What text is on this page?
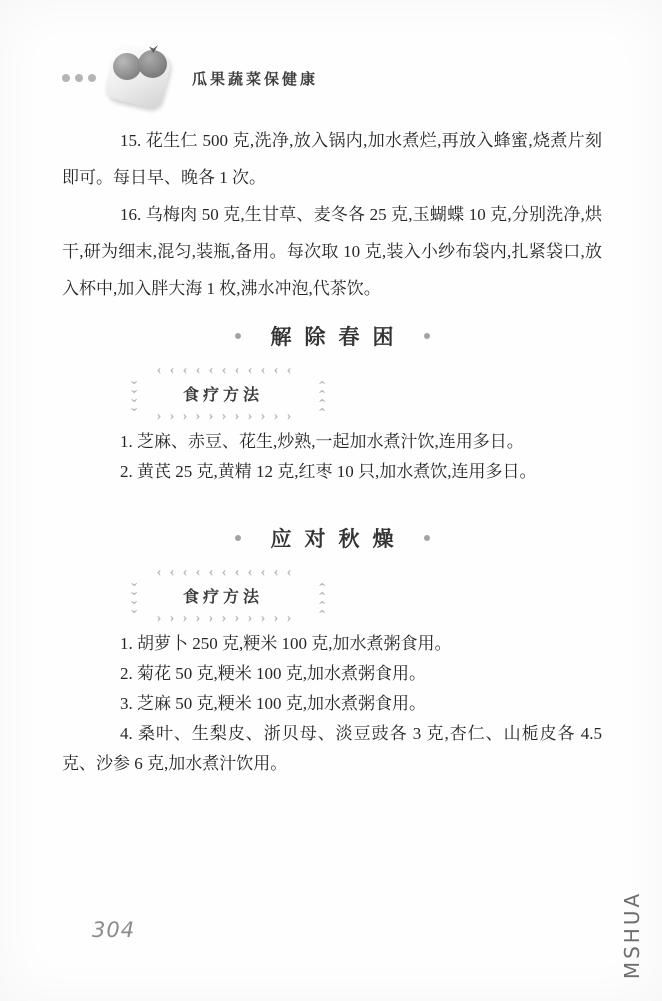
瓜果蔬菜保健康

15. 花生仁 500 克,洗净,放入锅内,加水煮烂,再放入蜂蜜,烧煮片刻即可。每日早、晚各 1 次。

16. 乌梅肉 50 克,生甘草、麦冬各 25 克,玉蝴蝶 10 克,分别洗净,烘干,研为细末,混匀,装瓶,备用。每次取 10 克,装入小纱布袋内,扎紧袋口,放入杯中,加入胖大海 1 枚,沸水冲泡,代茶饮。

解除春困
‹‹‹‹‹‹‹‹‹‹‹
›››››››››››
‹‹‹‹	››››
食疗方法

1. 芝麻、赤豆、花生,炒熟,一起加水煮汁饮,连用多日。

2. 黄芪 25 克,黄精 12 克,红枣 10 只,加水煮饮,连用多日。

应对秋燥
‹‹‹‹‹‹‹‹‹‹‹
›››››››››››
‹‹‹‹	››››
食疗方法

1. 胡萝卜 250 克,粳米 100 克,加水煮粥食用。

2. 菊花 50 克,粳米 100 克,加水煮粥食用。

3. 芝麻 50 克,粳米 100 克,加水煮粥食用。

4. 桑叶、生梨皮、浙贝母、淡豆豉各 3 克,杏仁、山栀皮各 4.5 克、沙参 6 克,加水煮汁饮用。

304	MSHUA
